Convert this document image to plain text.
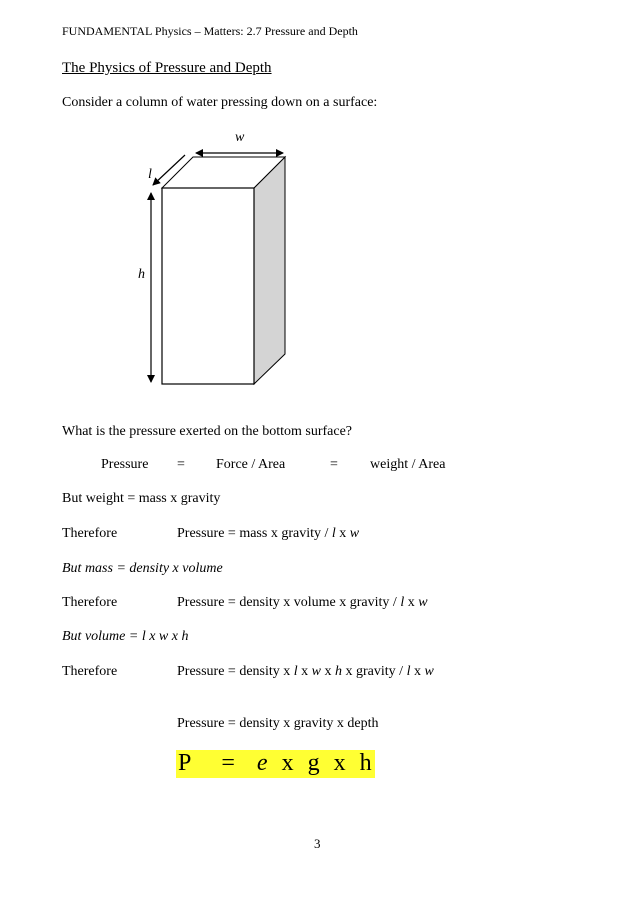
FUNDAMENTAL Physics – Matters: 2.7 Pressure and Depth
The Physics of Pressure and Depth
Consider a column of water pressing down on a surface:
w
l
h
What is the pressure exerted on the bottom surface?
Pressure = Force / Area	= weight / Area
But weight = mass x gravity
Therefore	Pressure = mass x gravity / l x w
But mass = density x volume
Therefore	Pressure = density x volume x gravity / l x w
But volume = l x w x h
Therefore	Pressure = density x l x w x h x gravity / l x w
Pressure = density x gravity x depth
P = e x g x h
3
